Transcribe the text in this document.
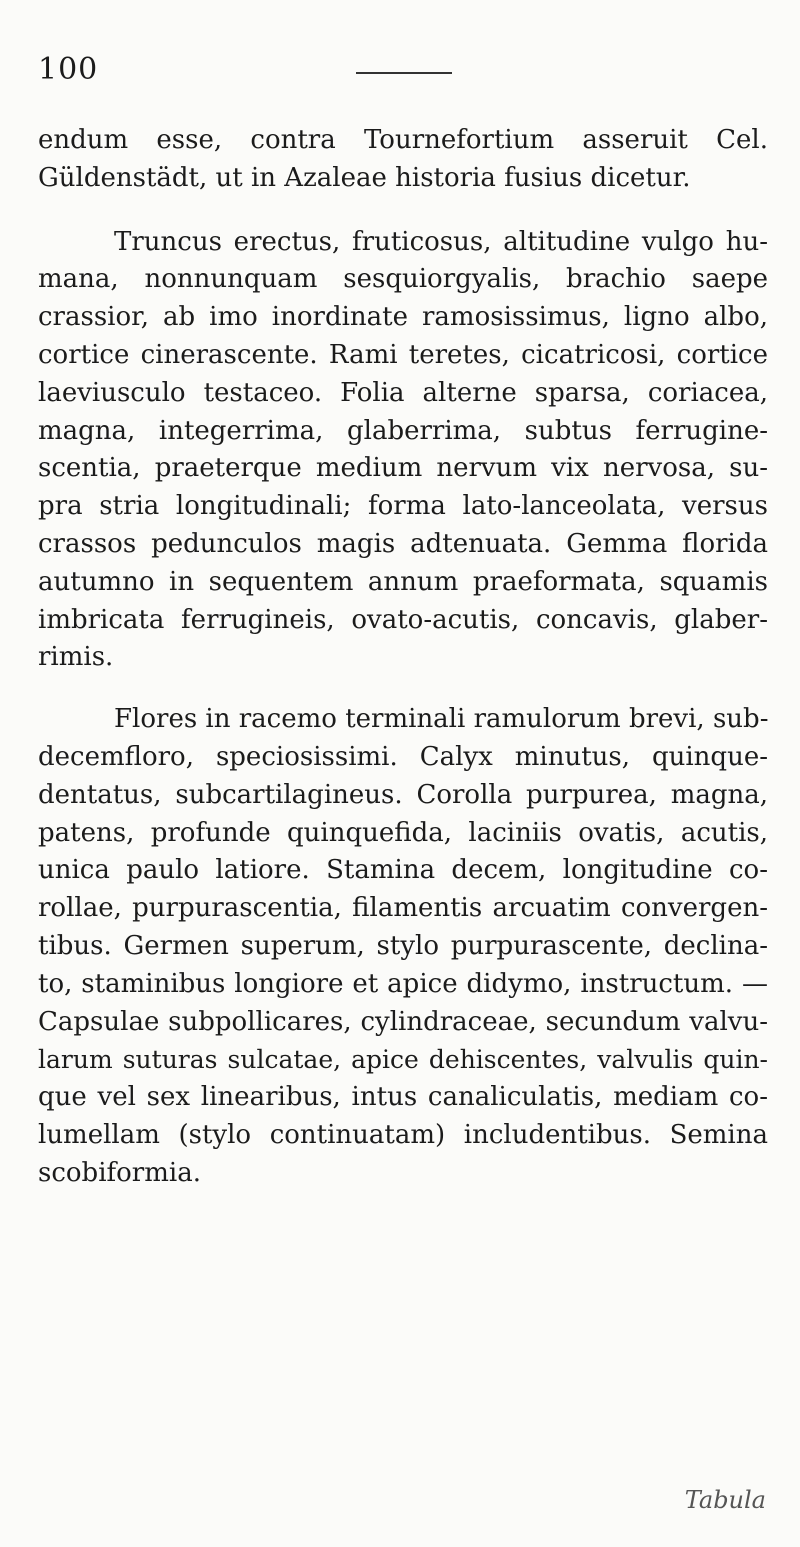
100
endum esse, contra Tournefortium asseruit Cel.
Güldenstädt, ut in Azaleae historia fusius dicetur.
Truncus erectus, fruticosus, altitudine vulgo hu-
mana, nonnunquam sesquiorgyalis, brachio saepe
crassior, ab imo inordinate ramosissimus, ligno albo,
cortice cinerascente. Rami teretes, cicatricosi, cortice
laeviusculo testaceo. Folia alterne sparsa, coriacea,
magna, integerrima, glaberrima, subtus ferrugine-
scentia, praeterque medium nervum vix nervosa, su-
pra stria longitudinali; forma lato-lanceolata, versus
crassos pedunculos magis adtenuata. Gemma florida
autumno in sequentem annum praeformata, squamis
imbricata ferrugineis, ovato-acutis, concavis, glaber-
rimis.
Flores in racemo terminali ramulorum brevi, sub-
decemfloro, speciosissimi. Calyx minutus, quinque-
dentatus, subcartilagineus. Corolla purpurea, magna,
patens, profunde quinquefida, laciniis ovatis, acutis,
unica paulo latiore. Stamina decem, longitudine co-
rollae, purpurascentia, filamentis arcuatim convergen-
tibus. Germen superum, stylo purpurascente, declina-
to, staminibus longiore et apice didymo, instructum. —
Capsulae subpollicares, cylindraceae, secundum valvu-
larum suturas sulcatae, apice dehiscentes, valvulis quin-
que vel sex linearibus, intus canaliculatis, mediam co-
lumellam (stylo continuatam) includentibus. Semina
scobiformia.
Tabula
